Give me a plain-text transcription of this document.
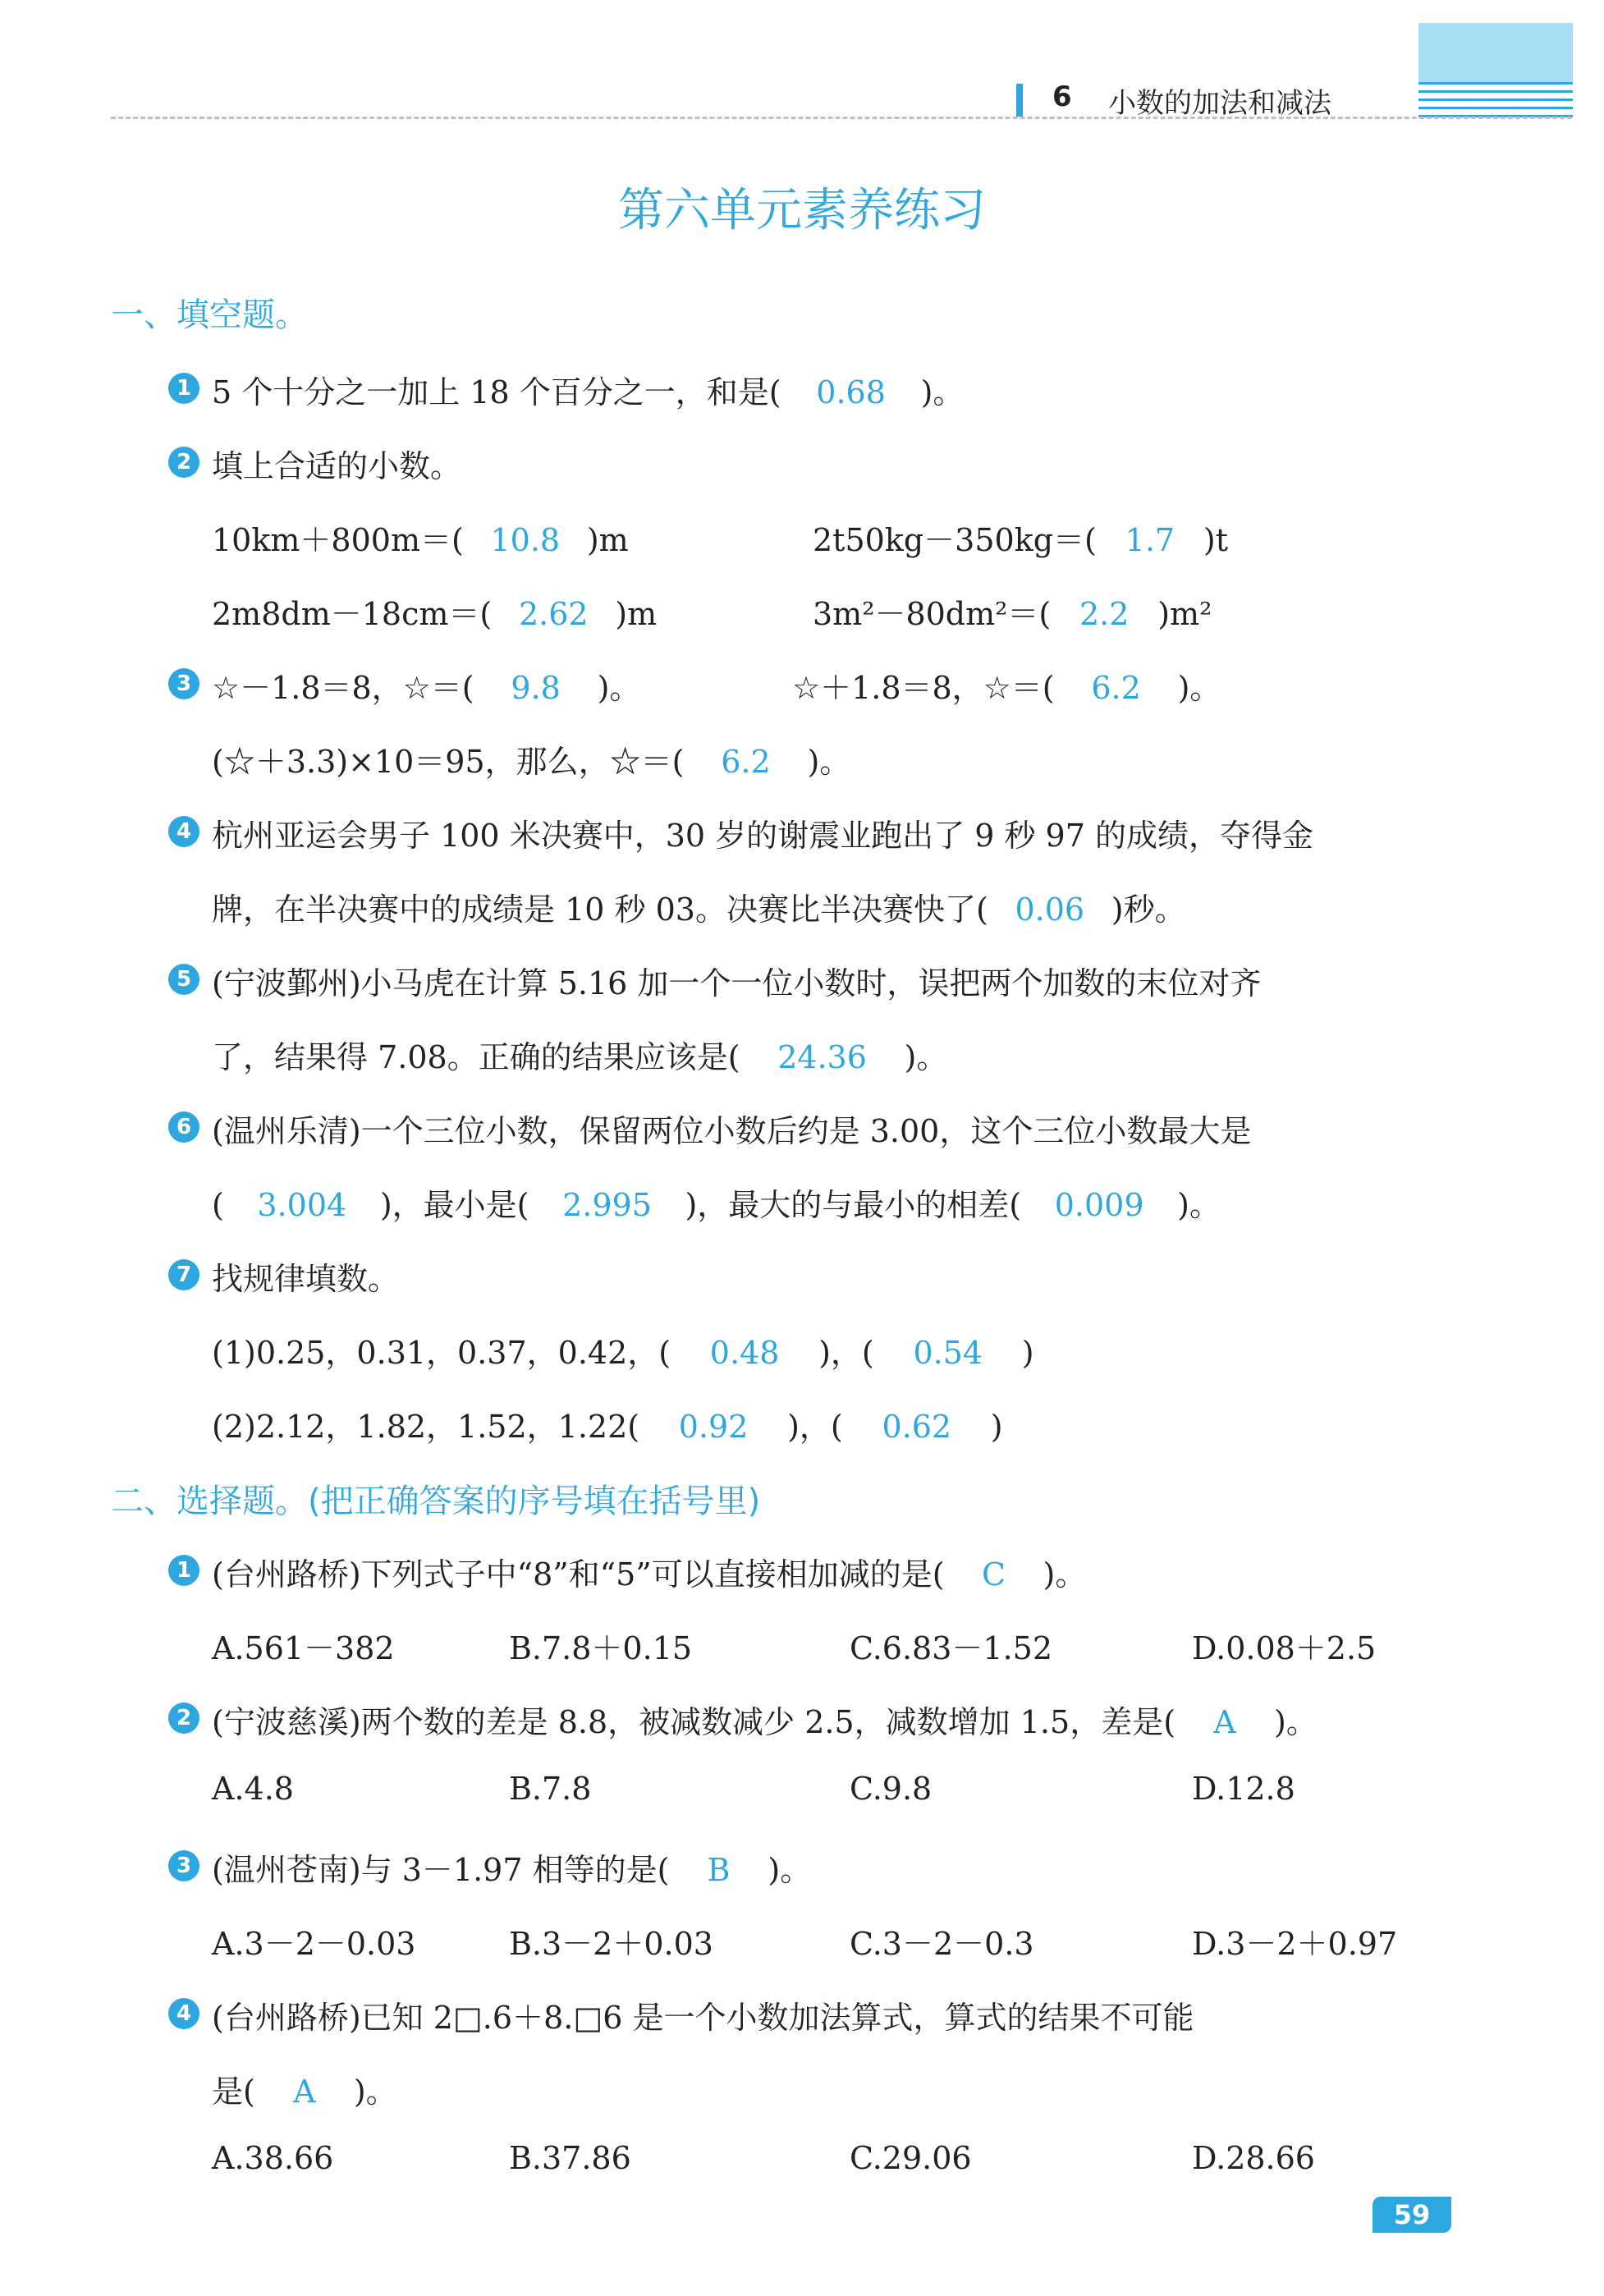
6 小数的加法和减法
第六单元素养练习
一、填空题。
1 5 个十分之一加上 18 个百分之一，和是( 0.68 )。
2 填上合适的小数。
10km＋800m＝( 10.8 )m	2t50kg－350kg＝( 1.7 )t
2m8dm－18cm＝( 2.62 )m	3m²－80dm²＝( 2.2 )m²
3 ☆－1.8＝8，☆＝( 9.8 )。	☆＋1.8＝8，☆＝( 6.2 )。
(☆＋3.3)×10＝95，那么，☆＝( 6.2 )。
4 杭州亚运会男子 100 米决赛中，30 岁的谢震业跑出了 9 秒 97 的成绩，夺得金
牌，在半决赛中的成绩是 10 秒 03。决赛比半决赛快了( 0.06 )秒。
5 (宁波鄞州)小马虎在计算 5.16 加一个一位小数时，误把两个加数的末位对齐
了，结果得 7.08。正确的结果应该是( 24.36 )。
6 (温州乐清)一个三位小数，保留两位小数后约是 3.00，这个三位小数最大是
( 3.004 )，最小是( 2.995 )，最大的与最小的相差( 0.009 )。
7 找规律填数。
(1)0.25，0.31，0.37，0.42，( 0.48 )，( 0.54 )
(2)2.12，1.82，1.52，1.22( 0.92 )，( 0.62 )
二、选择题。(把正确答案的序号填在括号里)
1 (台州路桥)下列式子中“8”和“5”可以直接相加减的是( C )。
A.561－382	B.7.8＋0.15	C.6.83－1.52	D.0.08＋2.5
2 (宁波慈溪)两个数的差是 8.8，被减数减少 2.5，减数增加 1.5，差是( A )。
A.4.8	B.7.8	C.9.8	D.12.8
3 (温州苍南)与 3－1.97 相等的是( B )。
A.3－2－0.03	B.3－2＋0.03	C.3－2－0.3	D.3－2＋0.97
4 (台州路桥)已知 2□.6＋8.□6 是一个小数加法算式，算式的结果不可能
是( A )。
A.38.66	B.37.86	C.29.06	D.28.66
59
